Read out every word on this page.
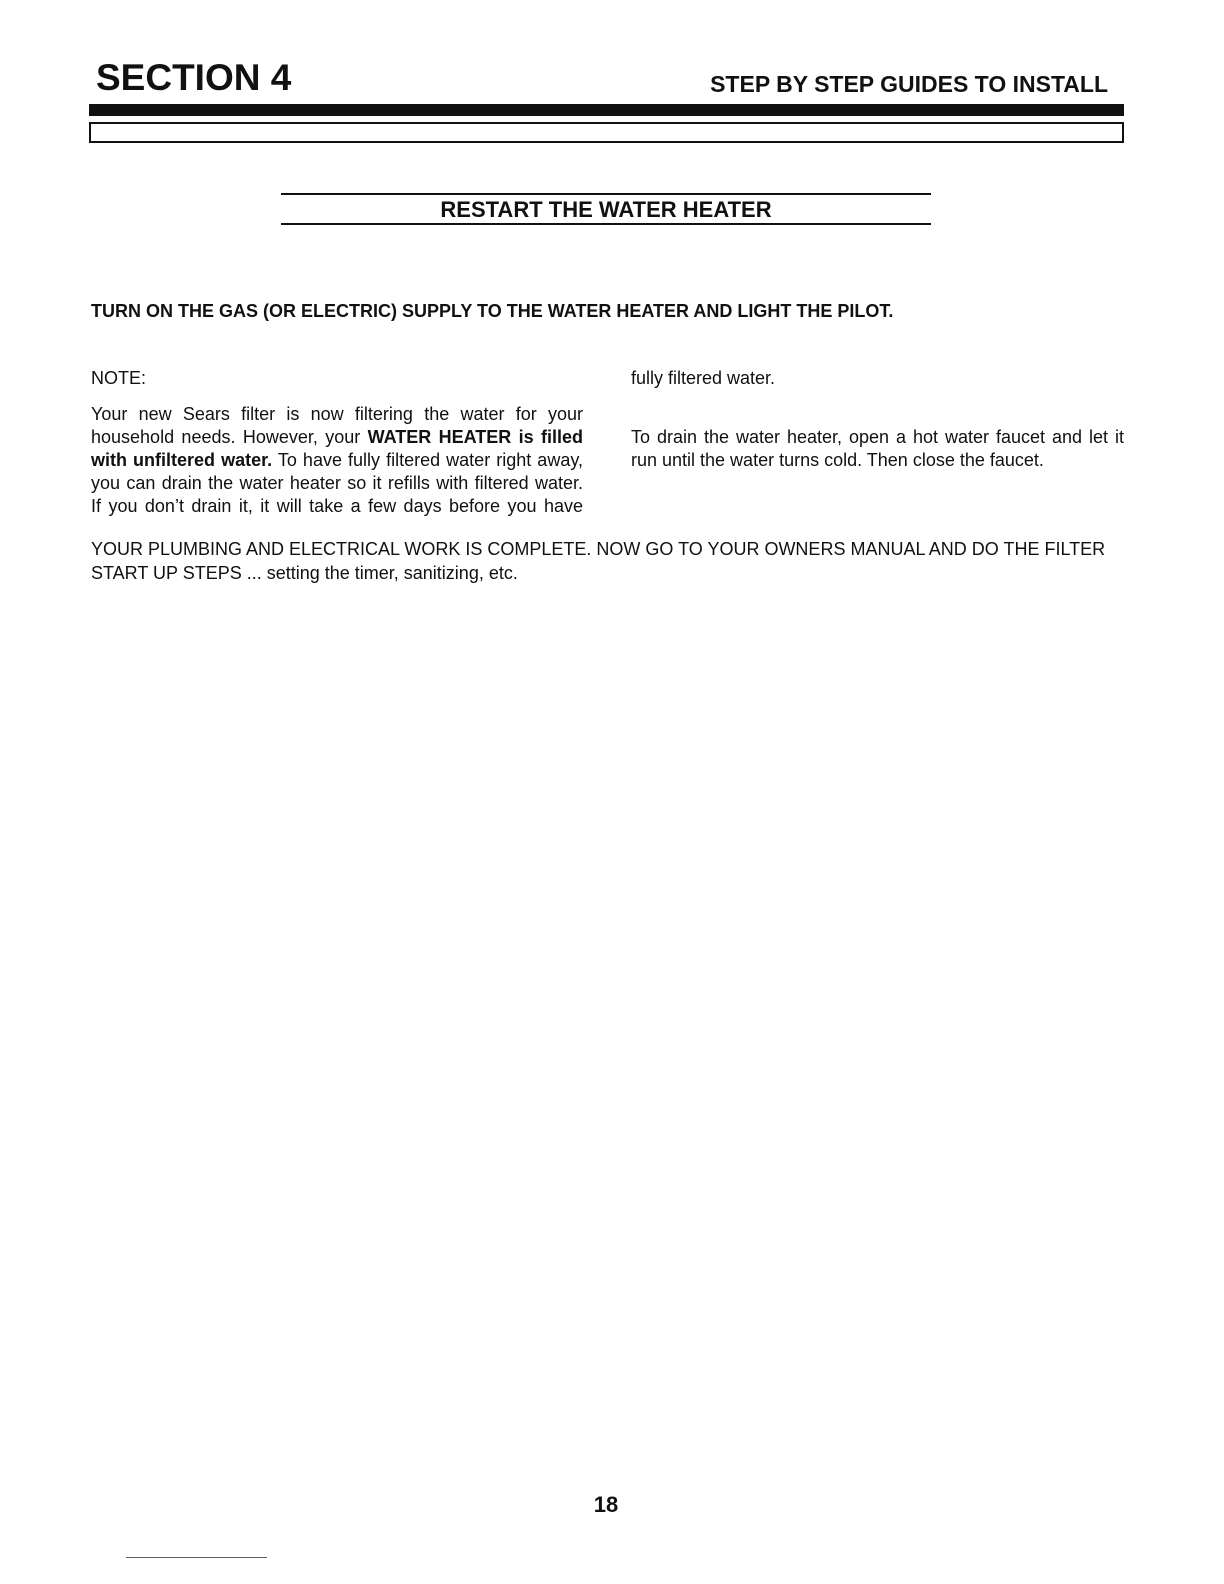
SECTION 4	STEP BY STEP GUIDES TO INSTALL
RESTART THE WATER HEATER
TURN ON THE GAS (OR ELECTRIC) SUPPLY TO THE WATER HEATER AND LIGHT THE PILOT.

NOTE:

Your new Sears filter is now filtering the water for your household needs. However, your WATER HEATER is filled with unfiltered water. To have fully filtered water right away, you can drain the water heater so it refills with filtered water. If you don’t drain it, it will take a few days before you have

fully filtered water.

To drain the water heater, open a hot water faucet and let it run until the water turns cold. Then close the faucet.

YOUR PLUMBING AND ELECTRICAL WORK IS COMPLETE. NOW GO TO YOUR OWNERS MANUAL AND DO THE FILTER START UP STEPS ... setting the timer, sanitizing, etc.
18
